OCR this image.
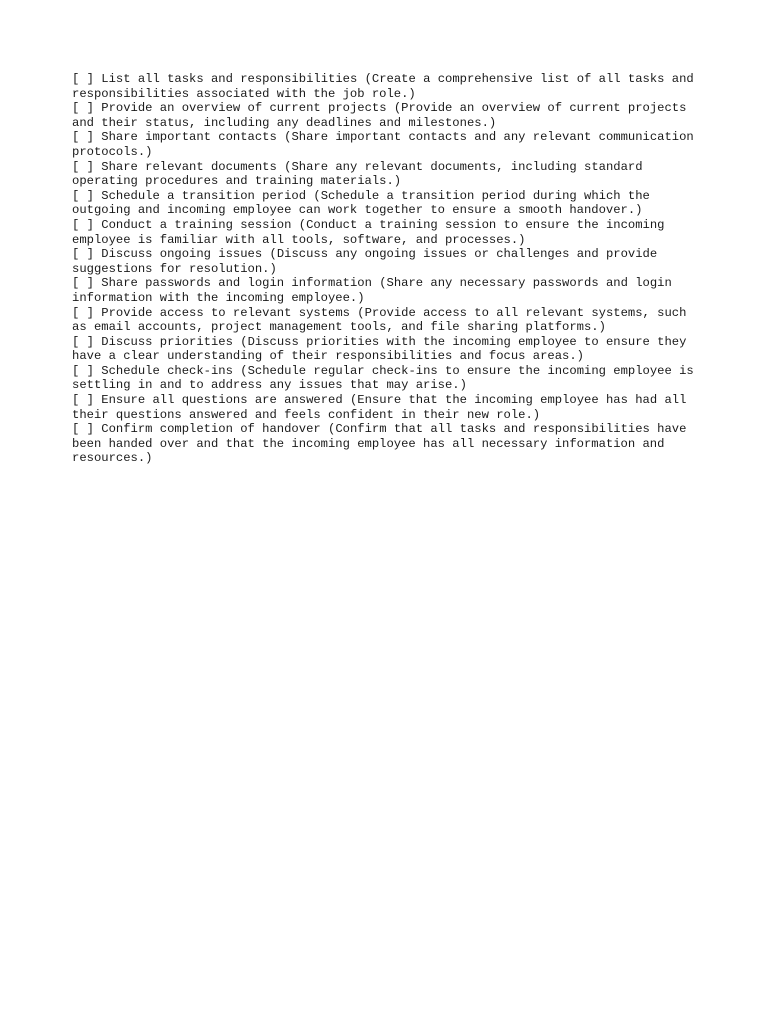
[ ] List all tasks and responsibilities (Create a comprehensive list of all tasks and responsibilities associated with the job role.)
[ ] Provide an overview of current projects (Provide an overview of current projects and their status, including any deadlines and milestones.)
[ ] Share important contacts (Share important contacts and any relevant communication protocols.)
[ ] Share relevant documents (Share any relevant documents, including standard operating procedures and training materials.)
[ ] Schedule a transition period (Schedule a transition period during which the outgoing and incoming employee can work together to ensure a smooth handover.)
[ ] Conduct a training session (Conduct a training session to ensure the incoming employee is familiar with all tools, software, and processes.)
[ ] Discuss ongoing issues (Discuss any ongoing issues or challenges and provide suggestions for resolution.)
[ ] Share passwords and login information (Share any necessary passwords and login information with the incoming employee.)
[ ] Provide access to relevant systems (Provide access to all relevant systems, such as email accounts, project management tools, and file sharing platforms.)
[ ] Discuss priorities (Discuss priorities with the incoming employee to ensure they have a clear understanding of their responsibilities and focus areas.)
[ ] Schedule check-ins (Schedule regular check-ins to ensure the incoming employee is settling in and to address any issues that may arise.)
[ ] Ensure all questions are answered (Ensure that the incoming employee has had all their questions answered and feels confident in their new role.)
[ ] Confirm completion of handover (Confirm that all tasks and responsibilities have been handed over and that the incoming employee has all necessary information and resources.)
